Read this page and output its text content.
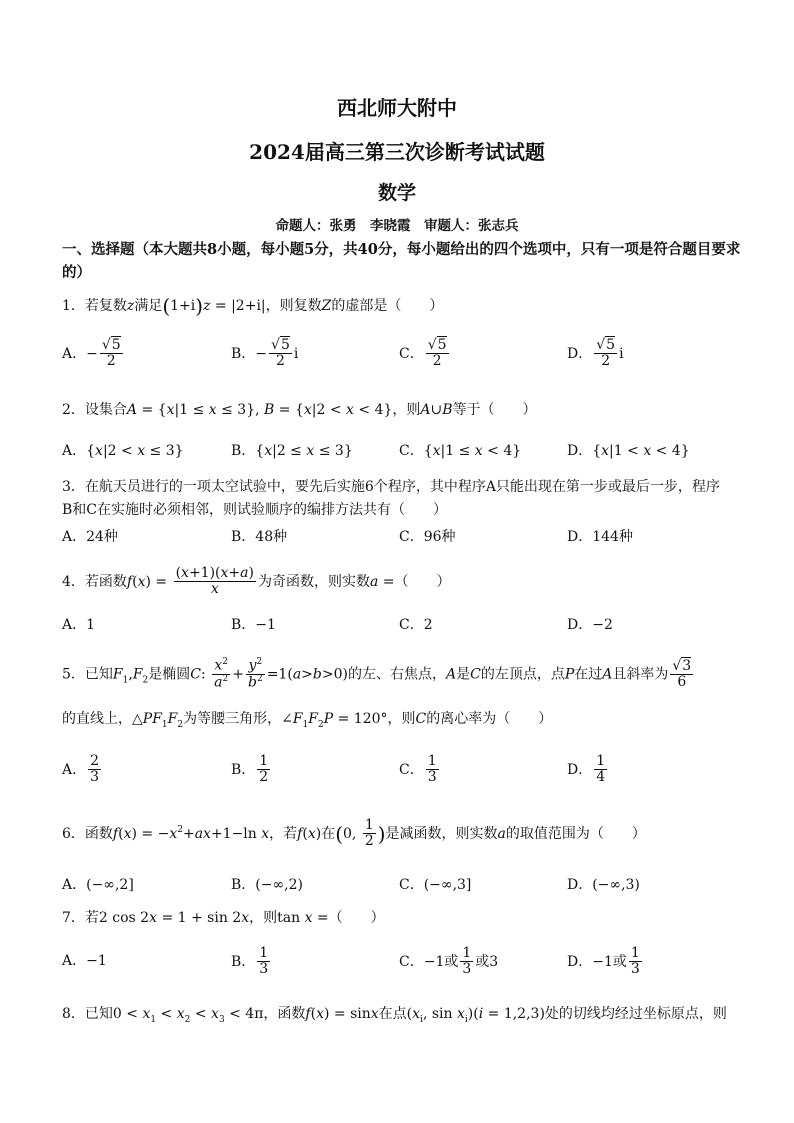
西北师大附中
2024届高三第三次诊断考试试题
数学
命题人：张勇　李晓霞　审题人：张志兵
一、选择题（本大题共8小题，每小题5分，共40分，每小题给出的四个选项中，只有一项是符合题目要求的）
1．若复数z满足(1+i)z = |2+i|，则复数Z的虚部是（　　）
A．− $\frac{√5}{2}$	B．− $\frac{√5}{2}$ i	C． $\frac{√5}{2}$	D． $\frac{√5}{2}$ i
2．设集合A = {x|1 ≤ x ≤ 3}, B = {x|2 < x < 4}，则A∪B等于（　　）
A．{x|2 < x ≤ 3}	B．{x|2 ≤ x ≤ 3}	C．{x|1 ≤ x < 4}	D．{x|1 < x < 4}
3．在航天员进行的一项太空试验中，要先后实施6个程序，其中程序A只能出现在第一步或最后一步，程序
B和C在实施时必须相邻，则试验顺序的编排方法共有（　　）
A．24种	B．48种	C．96种	D．144种
4．若函数$f(x) = \frac{(x+1)(x+a)}{x}$ 为奇函数，则实数a =（　　）
A．1	B．−1	C．2	D．−2
5．已知$F_1,F_2$是椭圆C: $\frac{x^2}{a^2} + \frac{y^2}{b^2} =1(a>b>0)$的左、右焦点，A是C的左顶点，点P在过A且斜率为 $\frac{√3}{6}$
的直线上，$\triangle PF_1F_2$为等腰三角形，$\angle F_1F_2P = 120^\circ$，则C的离心率为（　　）
A． $\frac{2}{3}$	B． $\frac{1}{2}$	C． $\frac{1}{3}$	D． $\frac{1}{4}$
6．函数$f(x) = -x^2+ax+1-\ln$ x，若f(x)在(0, $\frac{1}{2}$ )是减函数，则实数a的取值范围为（　　）
A．(−∞,2]	B．(−∞,2)	C．(−∞,3]	D．(−∞,3)
7．若2 cos 2x = 1 + sin 2x，则tan x =（　　）
A．−1	B． $\frac{1}{3}$	C．−1或 $\frac{1}{3}$ 或3	D．−1或 $\frac{1}{3}$
8．已知$0 < x_1 < x_2 < x_3 < 4\pi$，函数f(x) = sinx在点($x_i$, $\sin x_i)(i = 1,2,3)$处的切线均经过坐标原点，则
